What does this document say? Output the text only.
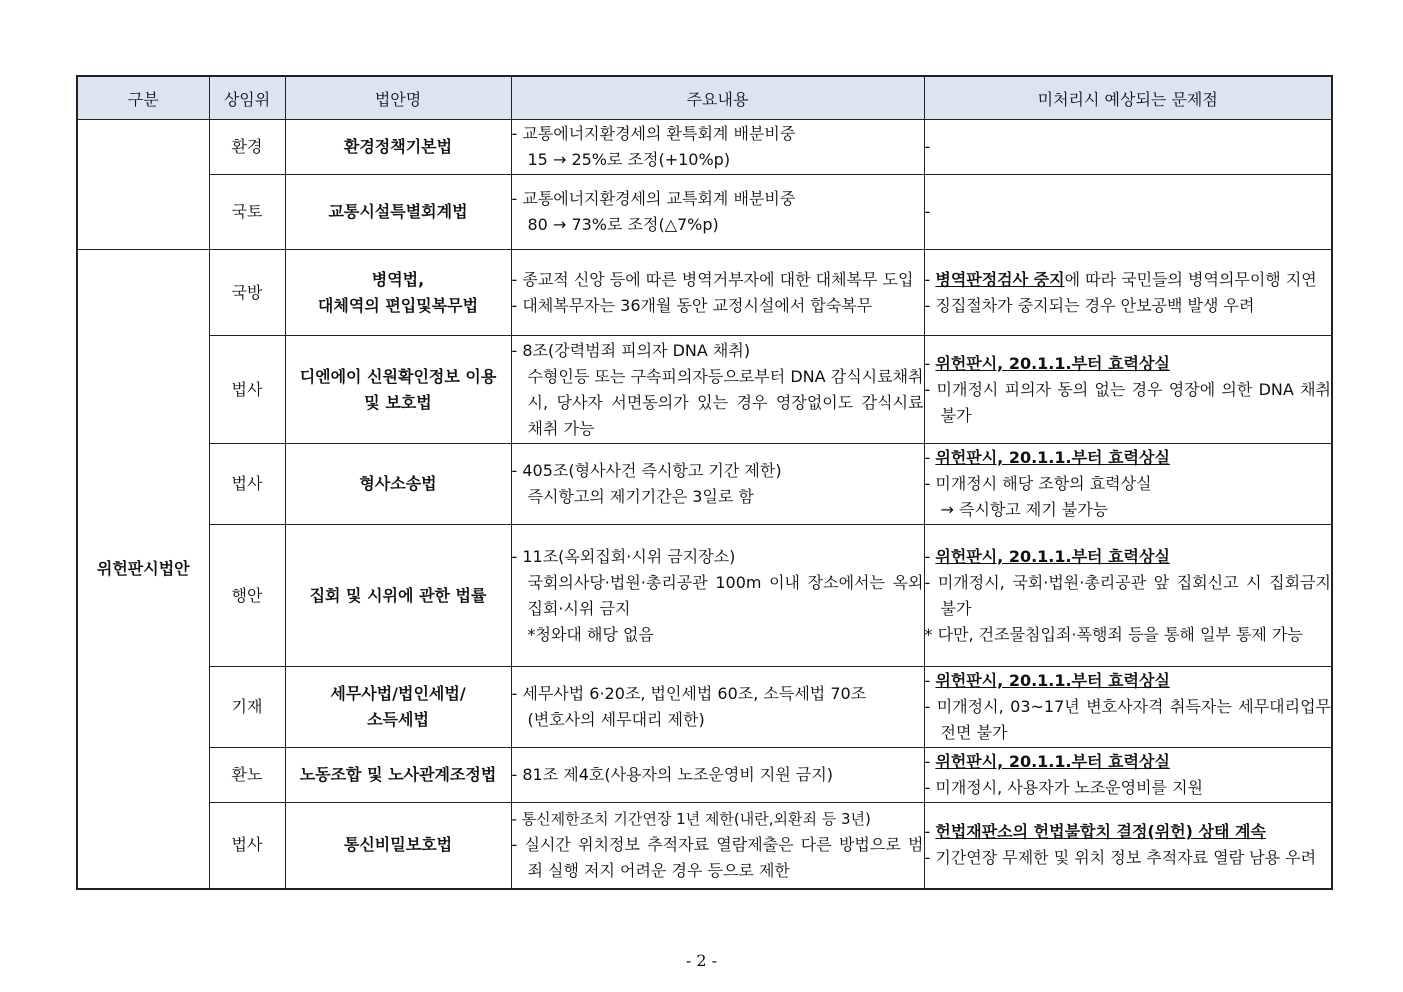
구분	상임위	법안명	주요내용	미처리시 예상되는 문제점
	환경	환경정책기본법	- 교통에너지환경세의 환특회계 배분비중
15 → 25%로 조정(+10%p)	-

	국토	교통시설특별회계법	- 교통에너지환경세의 교특회계 배분비중
80 → 73%로 조정(△7%p)	-

위헌판시법안	국방	병역법,
대체역의 편입및복무법	- 종교적 신앙 등에 따른 병역거부자에 대한 대체복무 도입
- 대체복무자는 36개월 동안 교정시설에서 합숙복무	- 병역판정검사 중지에 따라 국민들의 병역의무이행 지연
- 징집절차가 중지되는 경우 안보공백 발생 우려

	법사	디엔에이 신원확인정보 이용
및 보호법	- 8조(강력범죄 피의자 DNA 채취)
수형인등 또는 구속피의자등으로부터 DNA 감식시료채취 시, 당사자 서면동의가 있는 경우 영장없이도 감식시료 채취 가능	- 위헌판시, 20.1.1.부터 효력상실
- 미개정시 피의자 동의 없는 경우 영장에 의한 DNA 채취 불가

	법사	형사소송법	- 405조(형사사건 즉시항고 기간 제한)
즉시항고의 제기기간은 3일로 함	- 위헌판시, 20.1.1.부터 효력상실
- 미개정시 해당 조항의 효력상실
→ 즉시항고 제기 불가능

	행안	집회 및 시위에 관한 법률	- 11조(옥외집회·시위 금지장소)
국회의사당·법원·총리공관 100m 이내 장소에서는 옥외집회·시위 금지
*청와대 해당 없음	- 위헌판시, 20.1.1.부터 효력상실
- 미개정시, 국회·법원·총리공관 앞 집회신고 시 집회금지 불가
* 다만, 건조물침입죄·폭행죄 등을 통해 일부 통제 가능

	기재	세무사법/법인세법/
소득세법	- 세무사법 6·20조, 법인세법 60조, 소득세법 70조
(변호사의 세무대리 제한)	- 위헌판시, 20.1.1.부터 효력상실
- 미개정시, 03~17년 변호사자격 취득자는 세무대리업무 전면 불가

	환노	노동조합 및 노사관계조정법	- 81조 제4호(사용자의 노조운영비 지원 금지)	- 위헌판시, 20.1.1.부터 효력상실
- 미개정시, 사용자가 노조운영비를 지원

	법사	통신비밀보호법	- 통신제한조치 기간연장 1년 제한(내란,외환죄 등 3년)
- 실시간 위치정보 추적자료 열람제출은 다른 방법으로 범죄 실행 저지 어려운 경우 등으로 제한	- 헌법재판소의 헌법불합치 결정(위헌) 상태 계속
- 기간연장 무제한 및 위치 정보 추적자료 열람 남용 우려
- 2 -
